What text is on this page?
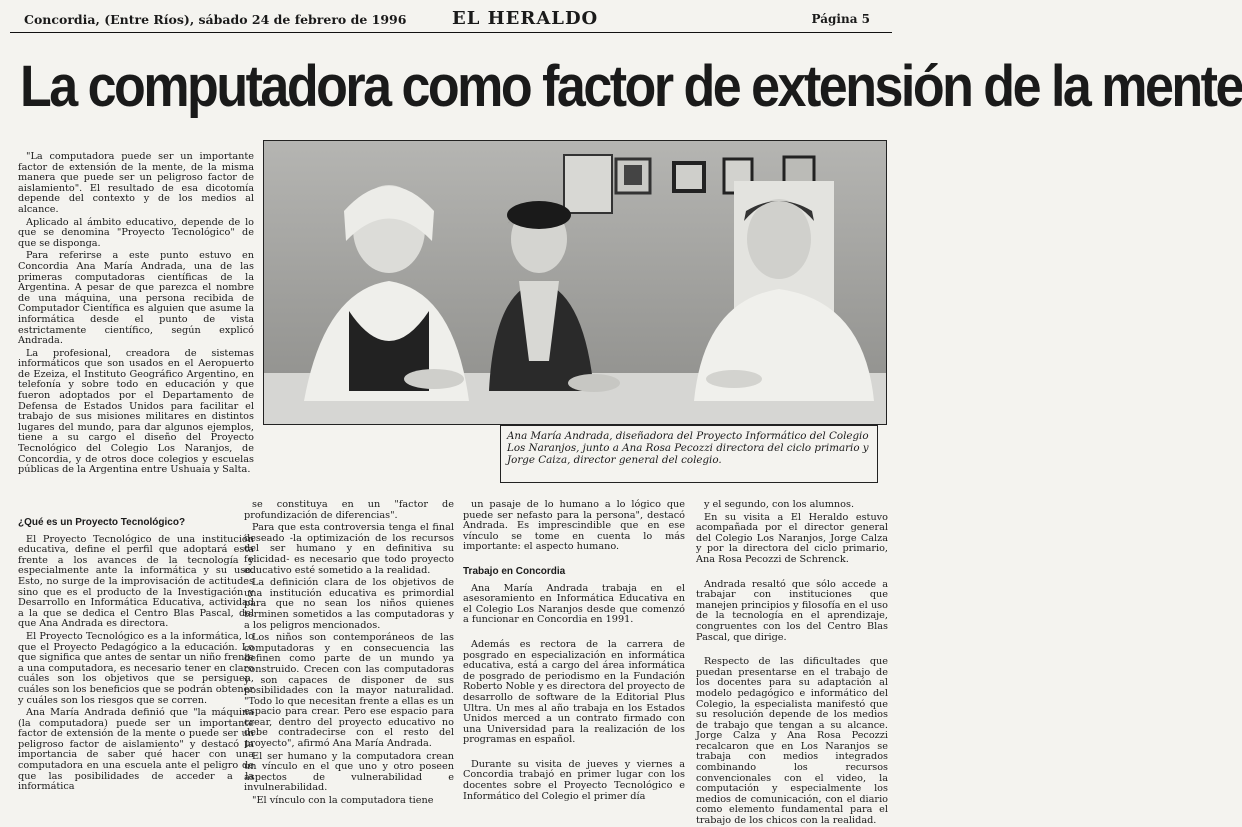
Concordia, (Entre Ríos), sábado 24 de febrero de 1996	EL HERALDO	Página 5
La computadora como factor de extensión de la mente

"La computadora puede ser un importante factor de extensión de la mente, de la misma manera que puede ser un peligroso factor de aislamiento". El resultado de esa dicotomía depende del contexto y de los medios al alcance.

Aplicado al ámbito educativo, depende de lo que se denomina "Proyecto Tecnológico" de que se disponga.

Para referirse a este punto estuvo en Concordia Ana María Andrada, una de las primeras computadoras científicas de la Argentina. A pesar de que parezca el nombre de una máquina, una persona recibida de Computador Científica es alguien que asume la informática desde el punto de vista estrictamente científico, según explicó Andrada.

La profesional, creadora de sistemas informáticos que son usados en el Aeropuerto de Ezeiza, el Instituto Geográfico Argentino, en telefonía y sobre todo en educación y que fueron adoptados por el Departamento de Defensa de Estados Unidos para facilitar el trabajo de sus misiones militares en distintos lugares del mundo, para dar algunos ejemplos, tiene a su cargo el diseño del Proyecto Tecnológico del Colegio Los Naranjos, de Concordia, y de otros doce colegios y escuelas públicas de la Argentina entre Ushuaia y Salta.

¿Qué es un Proyecto Tecnológico?

El Proyecto Tecnológico de una institución educativa, define el perfil que adoptará esta frente a los avances de la tecnología y especialmente ante la informática y su uso. Esto, no surge de la improvisación de actitudes sino que es el producto de la Investigación y Desarrollo en Informática Educativa, actividad a la que se dedica el Centro Blas Pascal, del que Ana Andrada es directora.

El Proyecto Tecnológico es a la informática, lo que el Proyecto Pedagógico a la educación. Lo que significa que antes de sentar un niño frente a una computadora, es necesario tener en claro cuáles son los objetivos que se persiguen, cuáles son los beneficios que se podrán obtener y cuáles son los riesgos que se corren.

Ana María Andrada definió que "la máquina (la computadora) puede ser un importante factor de extensión de la mente o puede ser un peligroso factor de aislamiento" y destacó la importancia de saber qué hacer con una computadora en una escuela ante el peligro de que las posibilidades de acceder a la informática

se constituya en un "factor de profundización de diferencias".

Para que esta controversia tenga el final deseado -la optimización de los recursos del ser humano y en definitiva su felicidad- es necesario que todo proyecto educativo esté sometido a la realidad.

La definición clara de los objetivos de una institución educativa es primordial para que no sean los niños quienes terminen sometidos a las computadoras y a los peligros mencionados.

Los niños son contemporáneos de las computadoras y en consecuencia las definen como parte de un mundo ya construido. Crecen con las computadoras y son capaces de disponer de sus posibilidades con la mayor naturalidad. "Todo lo que necesitan frente a ellas es un espacio para crear. Pero ese espacio para crear, dentro del proyecto educativo no debe contradecirse con el resto del proyecto", afirmó Ana María Andrada.

El ser humano y la computadora crean un vínculo en el que uno y otro poseen aspectos de vulnerabilidad e invulnerabilidad.

"El vínculo con la computadora tiene

un pasaje de lo humano a lo lógico que puede ser nefasto para la persona", destacó Andrada. Es imprescindible que en ese vínculo se tome en cuenta lo más importante: el aspecto humano.

Trabajo en Concordia

Ana María Andrada trabaja en el asesoramiento en Informática Educativa en el Colegio Los Naranjos desde que comenzó a funcionar en Concordia en 1991.

Además es rectora de la carrera de posgrado en especialización en informática educativa, está a cargo del área informática de posgrado de periodismo en la Fundación Roberto Noble y es directora del proyecto de desarrollo de software de la Editorial Plus Ultra. Un mes al año trabaja en los Estados Unidos merced a un contrato firmado con una Universidad para la realización de los programas en español.

Durante su visita de jueves y viernes a Concordia trabajó en primer lugar con los docentes sobre el Proyecto Tecnológico e Informático del Colegio el primer día

y el segundo, con los alumnos.

En su visita a El Heraldo estuvo acompañada por el director general del Colegio Los Naranjos, Jorge Calza y por la directora del ciclo primario, Ana Rosa Pecozzi de Schrenck.

Andrada resaltó que sólo accede a trabajar con instituciones que manejen principios y filosofía en el uso de la tecnología en el aprendizaje, congruentes con los del Centro Blas Pascal, que dirige.

Respecto de las dificultades que puedan presentarse en el trabajo de los docentes para su adaptación al modelo pedagógico e informático del Colegio, la especialista manifestó que su resolución depende de los medios de trabajo que tengan a su alcance. Jorge Calza y Ana Rosa Pecozzi recalcaron que en Los Naranjos se trabaja con medios integrados combinando los recursos convencionales con el video, la computación y especialmente los medios de comunicación, con el diario como elemento fundamental para el trabajo de los chicos con la realidad.

Ana María Andrada, diseñadora del Proyecto Informático del Colegio Los Naranjos, junto a Ana Rosa Pecozzi directora del ciclo primario y Jorge Caiza, director general del colegio.
